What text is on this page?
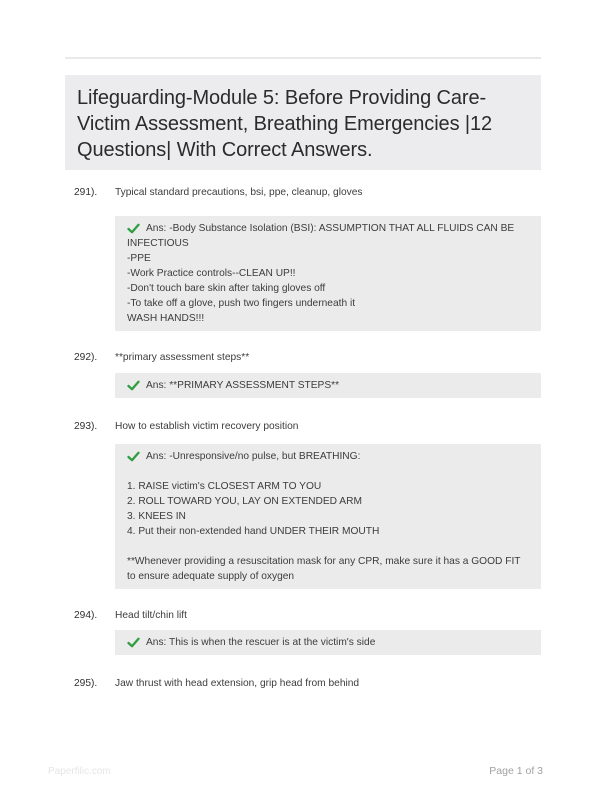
Lifeguarding-Module 5: Before Providing Care-
Victim Assessment, Breathing Emergencies |12
Questions| With Correct Answers.
291).	Typical standard precautions, bsi, ppe, cleanup, gloves
Ans: -Body Substance Isolation (BSI): ASSUMPTION THAT ALL FLUIDS CAN BE
INFECTIOUS
-PPE
-Work Practice controls--CLEAN UP!!
-Don't touch bare skin after taking gloves off
-To take off a glove, push two fingers underneath it
WASH HANDS!!!
292).	**primary assessment steps**
Ans: **PRIMARY ASSESSMENT STEPS**
293).	How to establish victim recovery position
Ans: -Unresponsive/no pulse, but BREATHING:
1. RAISE victim's CLOSEST ARM TO YOU
2. ROLL TOWARD YOU, LAY ON EXTENDED ARM
3. KNEES IN
4. Put their non-extended hand UNDER THEIR MOUTH
**Whenever providing a resuscitation mask for any CPR, make sure it has a GOOD FIT
to ensure adequate supply of oxygen
294).	Head tilt/chin lift
Ans: This is when the rescuer is at the victim's side
295).	Jaw thrust with head extension, grip head from behind
Paperfilic.com	Page 1 of 3
